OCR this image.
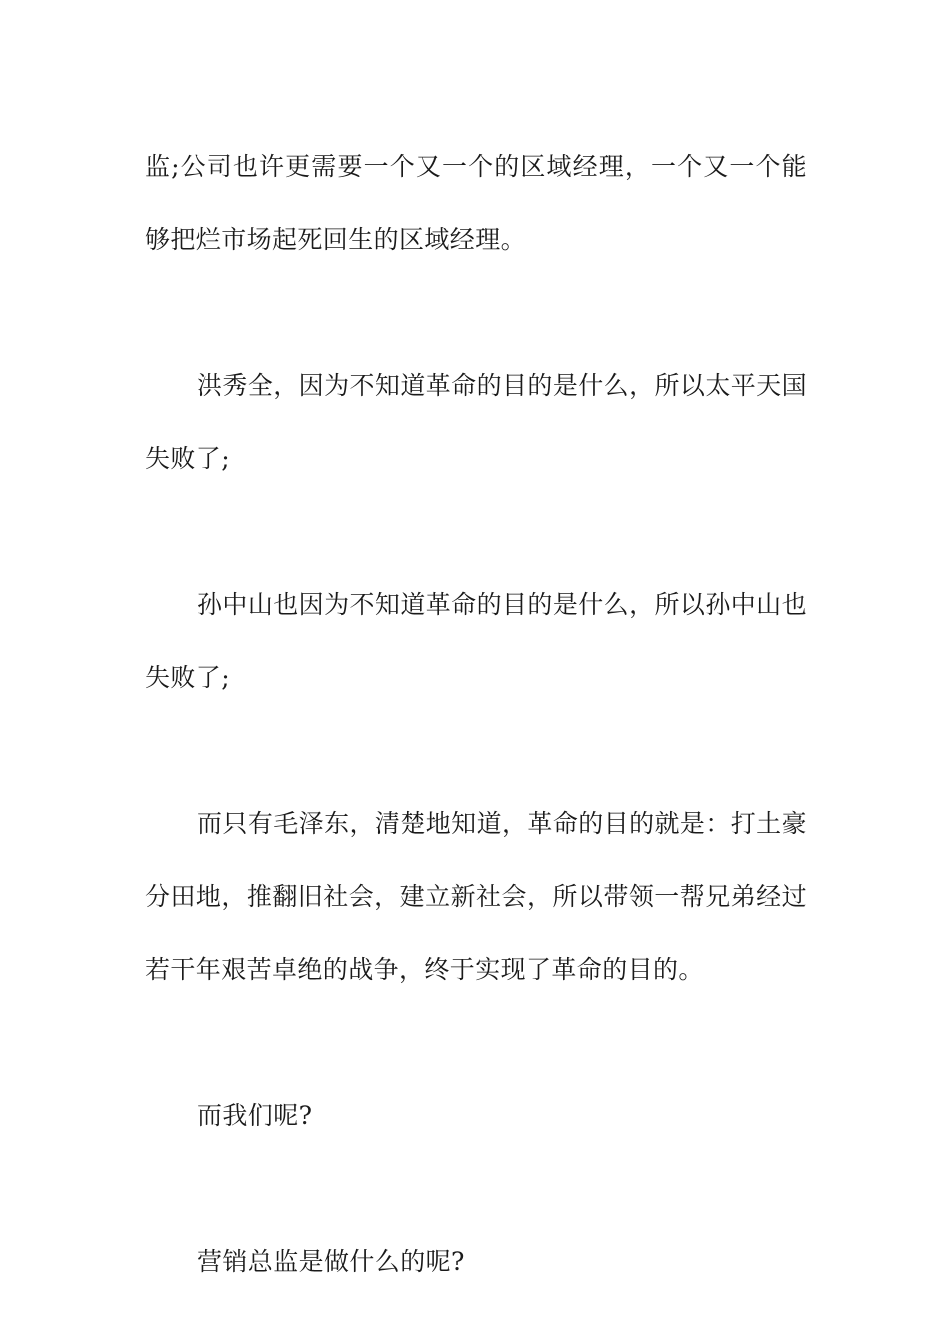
监;公司也许更需要一个又一个的区域经理，一个又一个能够把烂市场起死回生的区域经理。

洪秀全，因为不知道革命的目的是什么，所以太平天国失败了;

孙中山也因为不知道革命的目的是什么，所以孙中山也失败了;

而只有毛泽东，清楚地知道，革命的目的就是：打土豪分田地，推翻旧社会，建立新社会，所以带领一帮兄弟经过若干年艰苦卓绝的战争，终于实现了革命的目的。

而我们呢?

营销总监是做什么的呢?
